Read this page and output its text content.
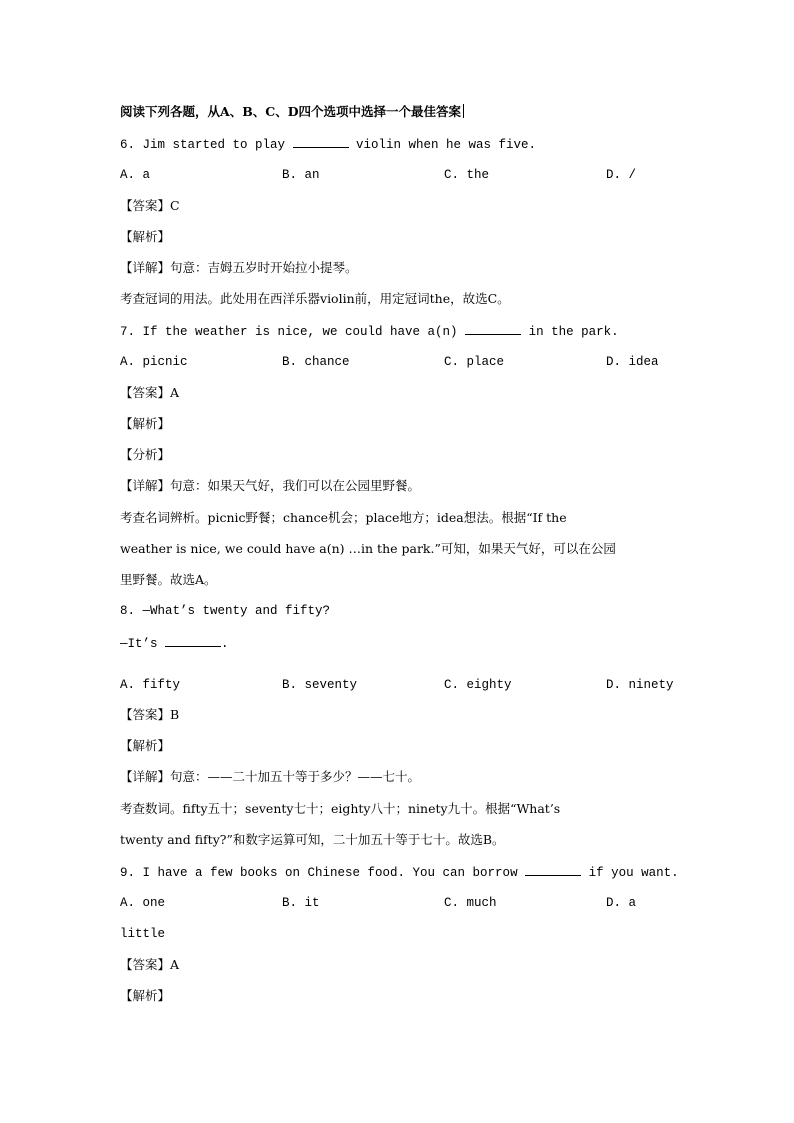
阅读下列各题，从A、B、C、D四个选项中选择一个最佳答案
6. Jim started to play	violin when he was five.
A. a	B. an	C. the	D. /
【答案】C
【解析】
【详解】句意：吉姆五岁时开始拉小提琴。
考查冠词的用法。此处用在西洋乐器violin前，用定冠词the，故选C。
7. If the weather is nice, we could have a(n)	in the park.
A. picnic	B. chance	C. place	D. idea
【答案】A
【解析】
【分析】
【详解】句意：如果天气好，我们可以在公园里野餐。
考查名词辨析。picnic野餐；chance机会；place地方；idea想法。根据“If the
weather is nice, we could have a(n) …in the park.”可知，如果天气好，可以在公园
里野餐。故选A。
8. —What’s twenty and fifty?
—It’s	.
A. fifty	B. seventy	C. eighty	D. ninety
【答案】B
【解析】
【详解】句意：——二十加五十等于多少？——七十。
考查数词。fifty五十；seventy七十；eighty八十；ninety九十。根据“What’s
twenty and fifty?”和数字运算可知，二十加五十等于七十。故选B。
9. I have a few books on Chinese food. You can borrow	if you want.
A. one	B. it	C. much	D. a
little
【答案】A
【解析】
